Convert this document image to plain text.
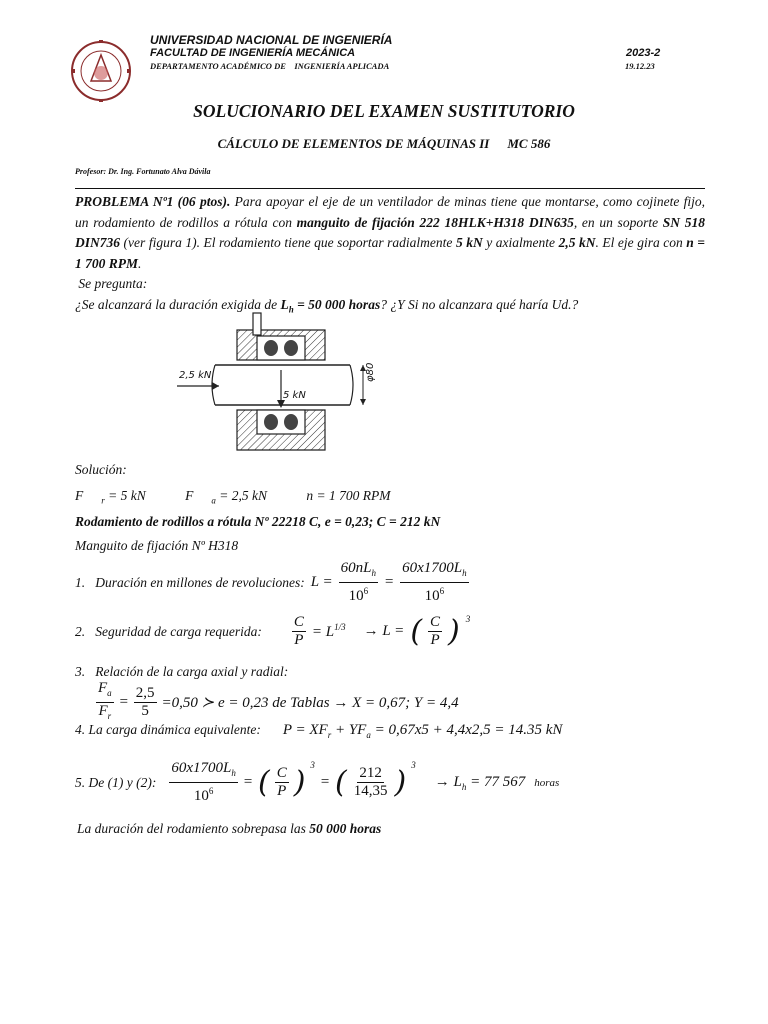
UNIVERSIDAD NACIONAL DE INGENIERÍA
FACULTAD DE INGENIERÍA MECÁNICA
DEPARTAMENTO ACADÉMICO DE    INGENIERÍA APLICADA
2023-2
19.12.23
SOLUCIONARIO DEL EXAMEN SUSTITUTORIO
CÁLCULO DE ELEMENTOS DE MÁQUINAS II MC 586
Profesor: Dr. Ing. Fortunato Alva Dávila
PROBLEMA Nº1 (06 ptos). Para apoyar el eje de un ventilador de minas tiene que montarse, como cojinete fijo, un rodamiento de rodillos a rótula con manguito de fijación 222 18HLK+H318 DIN635, en un soporte SN 518 DIN736 (ver figura 1). El rodamiento tiene que soportar radialmente 5 kN y axialmente 2,5 kN. El eje gira con n = 1 700 RPM.
Se pregunta:
¿Se alcanzará la duración exigida de $L_h = 50$ 000 horas? ¿Y Si no alcanzara qué haría Ud.?
2,5 kN
5 kN
φ80
Solución:
F $_r$ = 5 kN	F $_a$ = 2,5 kN	n = 1 700 RPM
Rodamiento de rodillos a rótula Nº 22218 C, e = 0,23; C = 212 kN
Manguito de fijación Nº H318
1.   Duración en millones de revoluciones: $L = \frac{60nL_h}{10^6} = \frac{60x1700L_h}{10^6}$
2.   Seguridad de carga requerida: $\frac{C}{P} = L^{1/3} \to L$ = ( $\frac{C}{P}$ ) $^3$
3.   Relación de la carga axial y radial:
$\frac{F_a}{F_r} = \frac{2,5}{5} =0,50$ ≻ e = 0,23 de Tablas → X = 0,67; Y = 4,4
4. La carga dinámica equivalente: $P = XF_r + YF_a = 0,67x5 + 4,4x2,5 = 14.35$ kN
5. De (1) y (2): $\frac{60x1700L_h}{10^6}$ = ( $\frac{C}{P}$ ) $^3$
= ( $\frac{212}{14,35}$ ) $^3$
→ $L_h = 77$ 567 horas
La duración del rodamiento sobrepasa las 50 000 horas
